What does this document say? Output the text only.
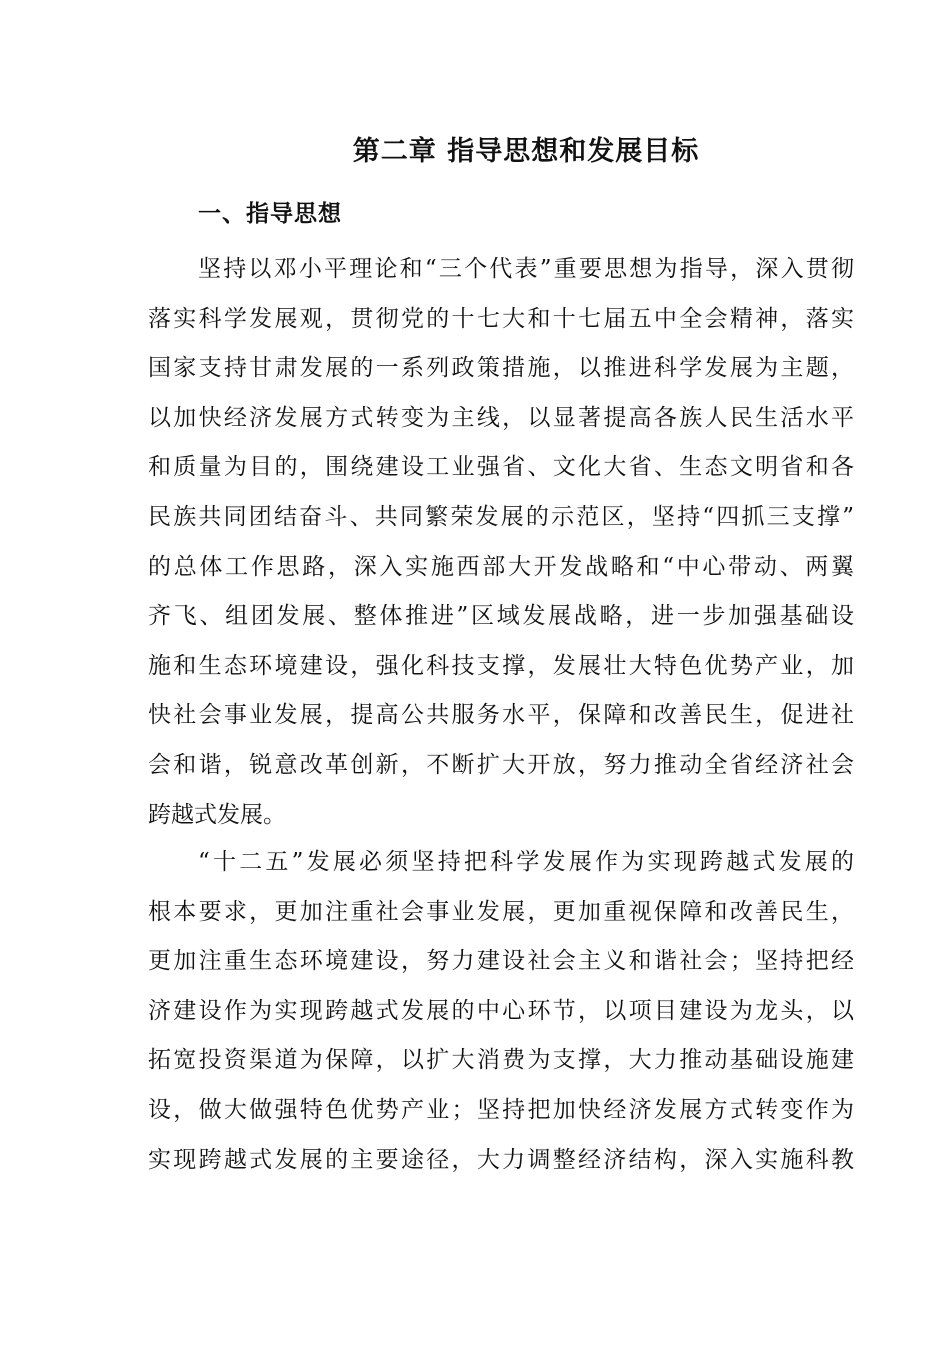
第二章 指导思想和发展目标
一、指导思想
坚持以邓小平理论和“三个代表”重要思想为指导，深入贯彻
落实科学发展观，贯彻党的十七大和十七届五中全会精神，落实
国家支持甘肃发展的一系列政策措施，以推进科学发展为主题，
以加快经济发展方式转变为主线，以显著提高各族人民生活水平
和质量为目的，围绕建设工业强省、文化大省、生态文明省和各
民族共同团结奋斗、共同繁荣发展的示范区，坚持“四抓三支撑”
的总体工作思路，深入实施西部大开发战略和“中心带动、两翼
齐飞、组团发展、整体推进”区域发展战略，进一步加强基础设
施和生态环境建设，强化科技支撑，发展壮大特色优势产业，加
快社会事业发展，提高公共服务水平，保障和改善民生，促进社
会和谐，锐意改革创新，不断扩大开放，努力推动全省经济社会
跨越式发展。
“十二五”发展必须坚持把科学发展作为实现跨越式发展的
根本要求，更加注重社会事业发展，更加重视保障和改善民生，
更加注重生态环境建设，努力建设社会主义和谐社会；坚持把经
济建设作为实现跨越式发展的中心环节，以项目建设为龙头，以
拓宽投资渠道为保障，以扩大消费为支撑，大力推动基础设施建
设，做大做强特色优势产业；坚持把加快经济发展方式转变作为
实现跨越式发展的主要途径，大力调整经济结构，深入实施科教
